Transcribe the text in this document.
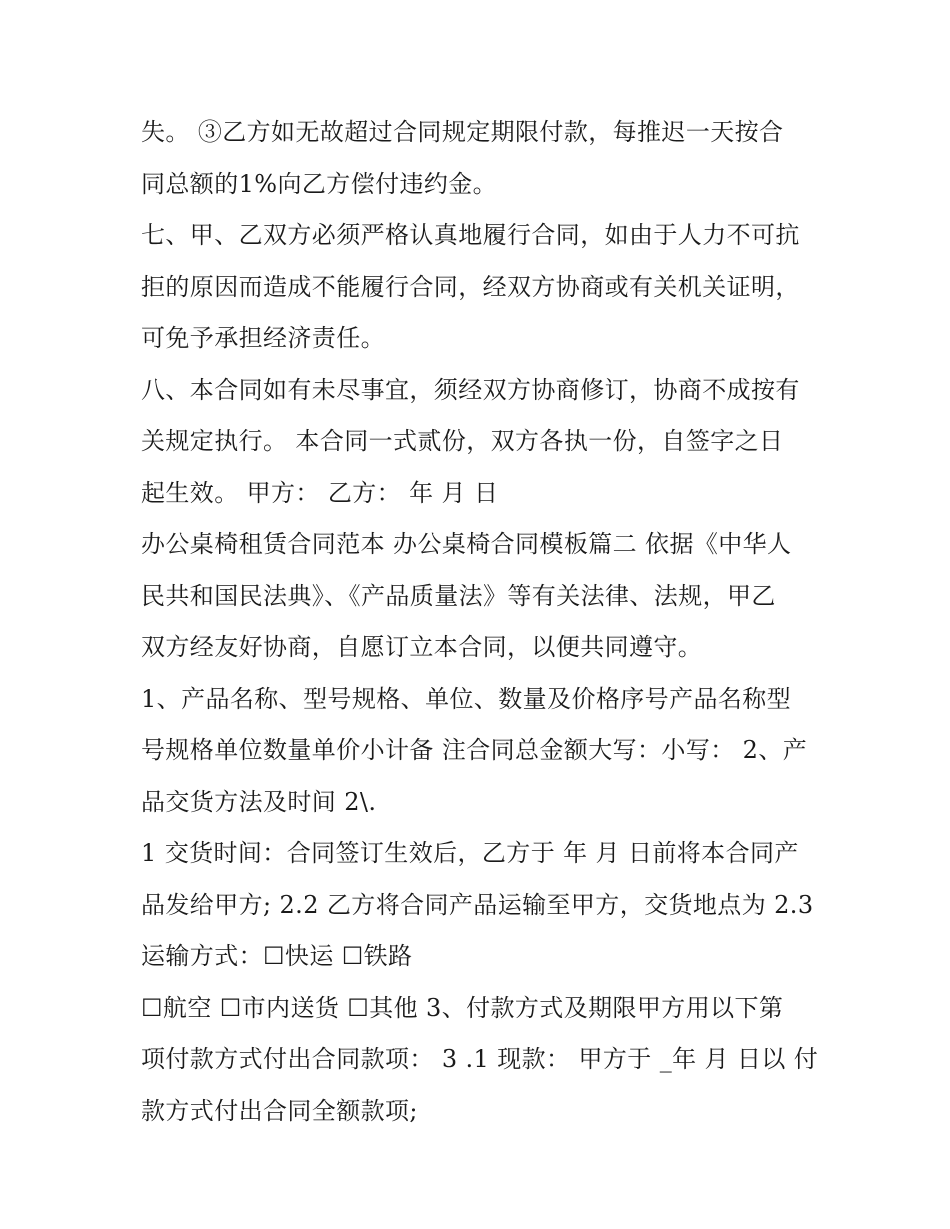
失。 ③乙方如无故超过合同规定期限付款，每推迟一天按合
同总额的1%向乙方偿付违约金。
七、甲、乙双方必须严格认真地履行合同，如由于人力不可抗
拒的原因而造成不能履行合同，经双方协商或有关机关证明，
可免予承担经济责任。
八、本合同如有未尽事宜，须经双方协商修订，协商不成按有
关规定执行。 本合同一式贰份，双方各执一份，自签字之日
起生效。 甲方： 乙方： 年 月 日
办公桌椅租赁合同范本 办公桌椅合同模板篇二 依据《中华人
民共和国民法典》、《产品质量法》等有关法律、法规，甲乙
双方经友好协商，自愿订立本合同，以便共同遵守。
1、产品名称、型号规格、单位、数量及价格序号产品名称型
号规格单位数量单价小计备 注合同总金额大写：小写： 2、产
品交货方法及时间 2\.
1 交货时间：合同签订生效后，乙方于 年 月 日前将本合同产
品发给甲方; 2.2 乙方将合同产品运输至甲方，交货地点为 2.3
运输方式：☐快运 ☐铁路
☐航空 ☐市内送货 ☐其他 3、付款方式及期限甲方用以下第
项付款方式付出合同款项： 3 .1 现款： 甲方于 _年 月 日以 付
款方式付出合同全额款项;
